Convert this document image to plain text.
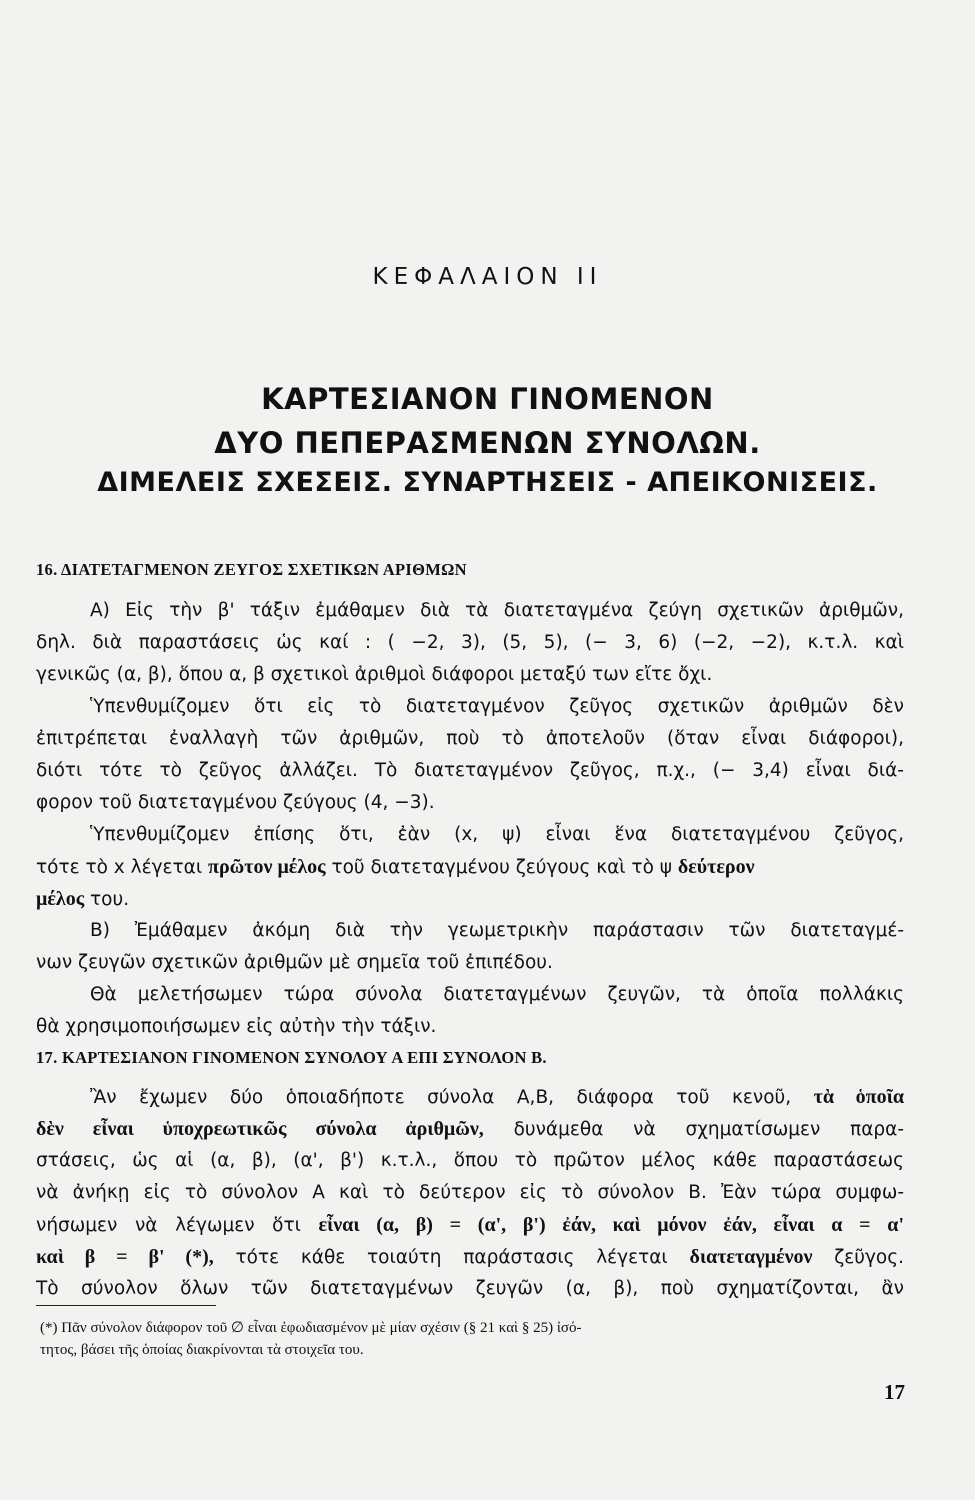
ΚΕΦΑΛΑΙΟΝ ΙΙ
ΚΑΡΤΕΣΙΑΝΟΝ ΓΙΝΟΜΕΝΟΝ
ΔΥΟ ΠΕΠΕΡΑΣΜΕΝΩΝ ΣΥΝΟΛΩΝ.
ΔΙΜΕΛΕΙΣ ΣΧΕΣΕΙΣ. ΣΥΝΑΡΤΗΣΕΙΣ - ΑΠΕΙΚΟΝΙΣΕΙΣ.
16. ΔΙΑΤΕΤΑΓΜΕΝΟΝ ΖΕΥΓΟΣ ΣΧΕΤΙΚΩΝ ΑΡΙΘΜΩΝ
Α) Εἰς τὴν β' τάξιν ἐμάθαμεν διὰ τὰ διατεταγμένα ζεύγη σχετικῶν ἀριθμῶν,
δηλ. διὰ παραστάσεις ὡς καί : ( −2, 3), (5, 5), (− 3, 6) (−2, −2), κ.τ.λ. καὶ
γενικῶς (α, β), ὅπου α, β σχετικοὶ ἀριθμοὶ διάφοροι μεταξύ των εἴτε ὄχι.
Ὑπενθυμίζομεν ὅτι εἰς τὸ διατεταγμένον ζεῦγος σχετικῶν ἀριθμῶν δὲν
ἐπιτρέπεται ἐναλλαγὴ τῶν ἀριθμῶν, ποὺ τὸ ἀποτελοῦν (ὅταν εἶναι διάφοροι),
διότι τότε τὸ ζεῦγος ἀλλάζει. Τὸ διατεταγμένον ζεῦγος, π.χ., (− 3,4) εἶναι διά-
φορον τοῦ διατεταγμένου ζεύγους (4, −3).
Ὑπενθυμίζομεν ἐπίσης ὅτι, ἐὰν (x, ψ) εἶναι ἕνα διατεταγμένου ζεῦγος,
τότε τὸ x λέγεται πρῶτον μέλος τοῦ διατεταγμένου ζεύγους καὶ τὸ ψ δεύτερον
μέλος του.
Β) Ἐμάθαμεν ἀκόμη διὰ τὴν γεωμετρικὴν παράστασιν τῶν διατεταγμέ-
νων ζευγῶν σχετικῶν ἀριθμῶν μὲ σημεῖα τοῦ ἐπιπέδου.
Θὰ μελετήσωμεν τώρα σύνολα διατεταγμένων ζευγῶν, τὰ ὁποῖα πολλάκις
θὰ χρησιμοποιήσωμεν εἰς αὐτὴν τὴν τάξιν.
17. ΚΑΡΤΕΣΙΑΝΟΝ ΓΙΝΟΜΕΝΟΝ ΣΥΝΟΛΟΥ Α ΕΠΙ ΣΥΝΟΛΟΝ Β.
Ἂν ἔχωμεν δύο ὁποιαδήποτε σύνολα Α,Β, διάφορα τοῦ κενοῦ, τὰ ὁποῖα
δὲν εἶναι ὑποχρεωτικῶς σύνολα ἀριθμῶν, δυνάμεθα νὰ σχηματίσωμεν παρα-
στάσεις, ὡς αἱ (α, β), (α', β') κ.τ.λ., ὅπου τὸ πρῶτον μέλος κάθε παραστάσεως
νὰ ἀνήκῃ εἰς τὸ σύνολον Α καὶ τὸ δεύτερον εἰς τὸ σύνολον Β. Ἐὰν τώρα συμφω-
νήσωμεν νὰ λέγωμεν ὅτι εἶναι (α, β) = (α', β') ἐάν, καὶ μόνον ἐάν, εἶναι α = α'
καὶ β = β' (*), τότε κάθε τοιαύτη παράστασις λέγεται διατεταγμένον ζεῦγος.
Τὸ σύνολον ὅλων τῶν διατεταγμένων ζευγῶν (α, β), ποὺ σχηματίζονται, ἂν
(*) Πᾶν σύνολον διάφορον τοῦ ∅ εἶναι ἐφωδιασμένον μὲ μίαν σχέσιν (§ 21 καὶ § 25) ἰσό-
τητος, βάσει τῆς ὁποίας διακρίνονται τὰ στοιχεῖα του.
17
